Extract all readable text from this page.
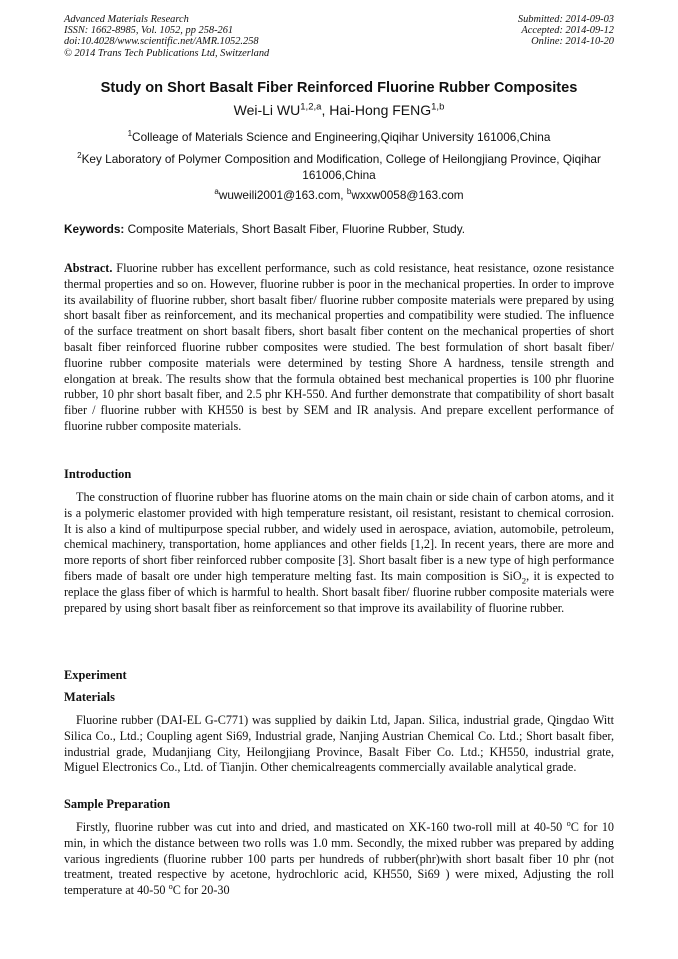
Advanced Materials Research
ISSN: 1662-8985, Vol. 1052, pp 258-261
doi:10.4028/www.scientific.net/AMR.1052.258
© 2014 Trans Tech Publications Ltd, Switzerland
Submitted: 2014-09-03
Accepted: 2014-09-12
Online: 2014-10-20
Study on Short Basalt Fiber Reinforced Fluorine Rubber Composites
Wei-Li WU$^{1,2,a}$, Hai-Hong FENG$^{1,b}$
$^1$Colleage of Materials Science and Engineering,Qiqihar University 161006,China
$^2$Key Laboratory of Polymer Composition and Modification, College of Heilongjiang Province, Qiqihar 161006,China
$^a$wuweili2001@163.com, $^b$wxxw0058@163.com
Keywords: Composite Materials, Short Basalt Fiber, Fluorine Rubber, Study.
Abstract. Fluorine rubber has excellent performance, such as cold resistance, heat resistance, ozone resistance thermal properties and so on. However, fluorine rubber is poor in the mechanical properties. In order to improve its availability of fluorine rubber, short basalt fiber/ fluorine rubber composite materials were prepared by using short basalt fiber as reinforcement, and its mechanical properties and compatibility were studied. The influence of the surface treatment on short basalt fibers, short basalt fiber content on the mechanical properties of short basalt fiber reinforced fluorine rubber composites were studied. The best formulation of short basalt fiber/ fluorine rubber composite materials were determined by testing Shore A hardness, tensile strength and elongation at break. The results show that the formula obtained best mechanical properties is 100 phr fluorine rubber, 10 phr short basalt fiber, and 2.5 phr KH-550. And further demonstrate that compatibility of short basalt fiber / fluorine rubber with KH550 is best by SEM and IR analysis. And prepare excellent performance of fluorine rubber composite materials.
Introduction
The construction of fluorine rubber has fluorine atoms on the main chain or side chain of carbon atoms, and it is a polymeric elastomer provided with high temperature resistant, oil resistant, resistant to chemical corrosion. It is also a kind of multipurpose special rubber, and widely used in aerospace, aviation, automobile, petroleum, chemical machinery, transportation, home appliances and other fields [1,2]. In recent years, there are more and more reports of short fiber reinforced rubber composite [3]. Short basalt fiber is a new type of high performance fibers made of basalt ore under high temperature melting fast. Its main composition is SiO$_2$, it is expected to replace the glass fiber of which is harmful to health. Short basalt fiber/ fluorine rubber composite materials were prepared by using short basalt fiber as reinforcement so that improve its availability of fluorine rubber.
Experiment
Materials
Fluorine rubber (DAI-EL G-C771) was supplied by daikin Ltd, Japan. Silica, industrial grade, Qingdao Witt Silica Co., Ltd.; Coupling agent Si69, Industrial grade, Nanjing Austrian Chemical Co. Ltd.; Short basalt fiber, industrial grade, Mudanjiang City, Heilongjiang Province, Basalt Fiber Co. Ltd.; KH550, industrial grate, Miguel Electronics Co., Ltd. of Tianjin. Other chemicalreagents commercially available analytical grade.
Sample Preparation
Firstly, fluorine rubber was cut into and dried, and masticated on XK-160 two-roll mill at 40-50 $^o$C for 10 min, in which the distance between two rolls was 1.0 mm. Secondly, the mixed rubber was prepared by adding various ingredients (fluorine rubber 100 parts per hundreds of rubber(phr)with short basalt fiber 10 phr (not treatment, treated respective by acetone, hydrochloric acid, KH550, Si69 ) were mixed, Adjusting the roll temperature at 40-50 $^o$C for 20-30
